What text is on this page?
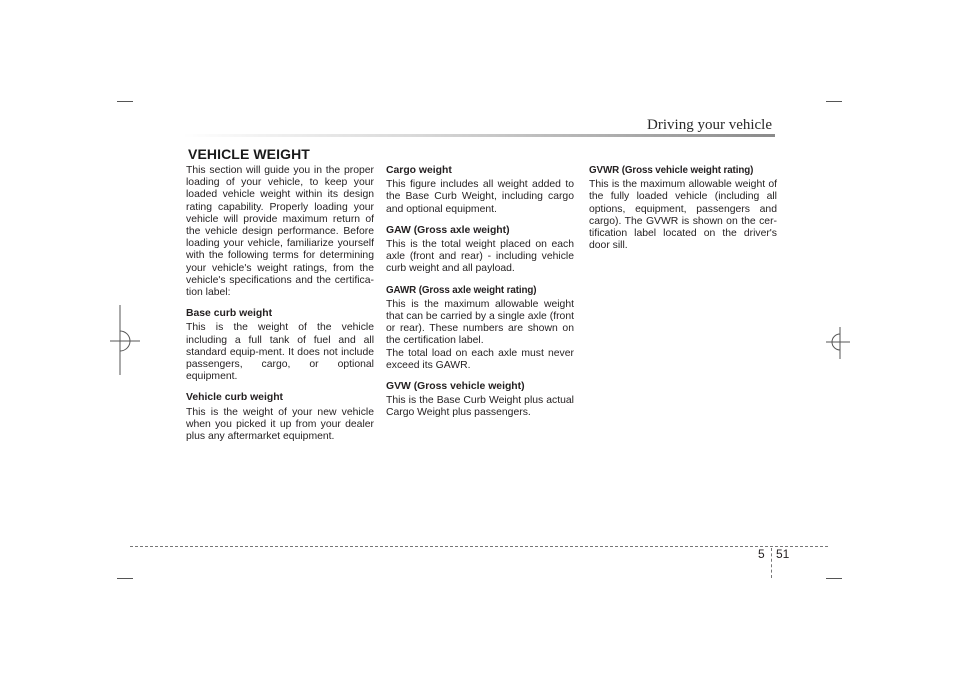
Driving your vehicle
VEHICLE WEIGHT

This section will guide you in the proper loading of your vehicle, to keep your loaded vehicle weight within its design rating capability. Properly loading your vehicle will provide maximum return of the vehicle design performance. Before loading your vehicle, familiarize yourself with the following terms for determining your vehicle's weight ratings, from the vehicle's specifications and the certifica-tion label:

Base curb weight

This is the weight of the vehicle including a full tank of fuel and all standard equip-ment. It does not include passengers, cargo, or optional equipment.

Vehicle curb weight

This is the weight of your new vehicle when you picked it up from your dealer plus any aftermarket equipment.

Cargo weight

This figure includes all weight added to the Base Curb Weight, including cargo and optional equipment.

GAW (Gross axle weight)

This is the total weight placed on each axle (front and rear) - including vehicle curb weight and all payload.

GAWR (Gross axle weight rating)

This is the maximum allowable weight that can be carried by a single axle (front or rear). These numbers are shown on the certification label.

The total load on each axle must never exceed its GAWR.

GVW (Gross vehicle weight)

This is the Base Curb Weight plus actual Cargo Weight plus passengers.

GVWR (Gross vehicle weight rating)

This is the maximum allowable weight of the fully loaded vehicle (including all options, equipment, passengers and cargo). The GVWR is shown on the cer-tification label located on the driver's door sill.

5 51
